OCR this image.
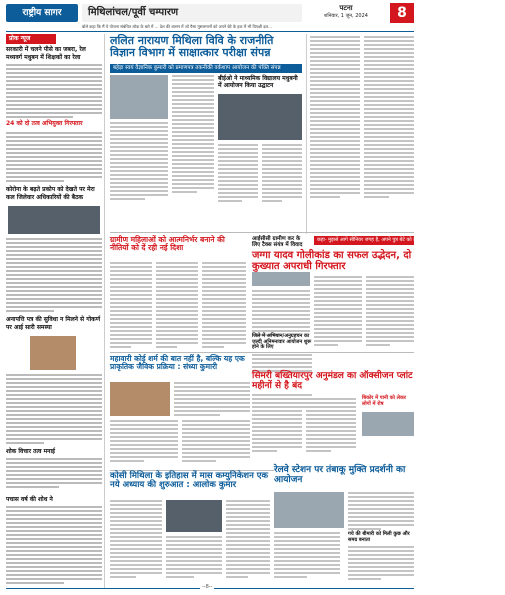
राष्ट्रीय सागर	मिथिलांचल/पूर्वी चम्पारण	पटना
शनिवार, 1 जून, 2024	8
बोले कहा कि मैं ये योजना संबंधित लोक के बारे में ... देश की शासन में जो पैसा मुसलमानों को अपने बेटे के हक में भी विपक्षी दल...
प्रोक न्यूज
सरकारी में चलने पीसे का जबरा, रेल मध्यवर्ग मधुबन में शिक्षकों का रेला
24 को दो तत्व अभियुक्त गिरफ्तार
कोरोना के बढ़ते प्रकोप को देखते पर मेरा कल जिलेवार अधिकारियों की बैठक
अनापत्ति पत्र की सुविधा न मिलने से गोकर्ण पर आई सारी समस्या
शोक विचार तत्व मनाई
पचास वर्ष की शोध ने
ललित नारायण मिथिला विवि के राजनीति विज्ञान विभाग में साक्षात्कार परीक्षा संपन्न
बहेड़ा स्वयं वैज्ञानिक कुमारी को प्रमाणपत्र तकनीकी वर्कशाप आयोजन की पंक्ति संपन्न
बीईओ ने माध्यमिक विद्यालय मधुबनी में आयोजन किया उद्घाटन
ग्रामीण महिलाओं को आत्मनिर्भर बनाने की नीतियों को दें रही नई दिशा
आईसीसी ग्रामीण कर के लिए टैक्स संयंत्र में विवाद
कहा- मुझसे आगे सीनियर जगह है, अपने पुत्र बेटे को तरह बहुत से बच्चों की देखभाल में बचे रहे संसार्थक
जग्गा यादव गोलीकांड का सफल उद्भेदन, दो कुख्यात अपराधी गिरफ्तार
महावारी कोई शर्म की बात नहीं है, बल्कि यह एक प्राकृतिक जैविक प्रक्रिया : संध्या कुमारी
जिले में अभियान/अनुग्रहचन का जल्दी अनिमनावार आयोजन शुरू होने के लिए
सिमरी बख्तियारपुर अनुमंडल का ऑक्सीजन प्लांट महीनों से है बंद
बिकोर में पानी को लेकर लोगों में रोष
कोसी मिथिला के इतिहास में मास कम्युनिकेशन एक नये अध्याय की शुरुआत : आलोक कुमार
रेलवे स्टेशन पर तंबाकू मुक्ति प्रदर्शनी का आयोजन
गये की बीमारी को मिली कुछ और समग्र बनाता
--8--
